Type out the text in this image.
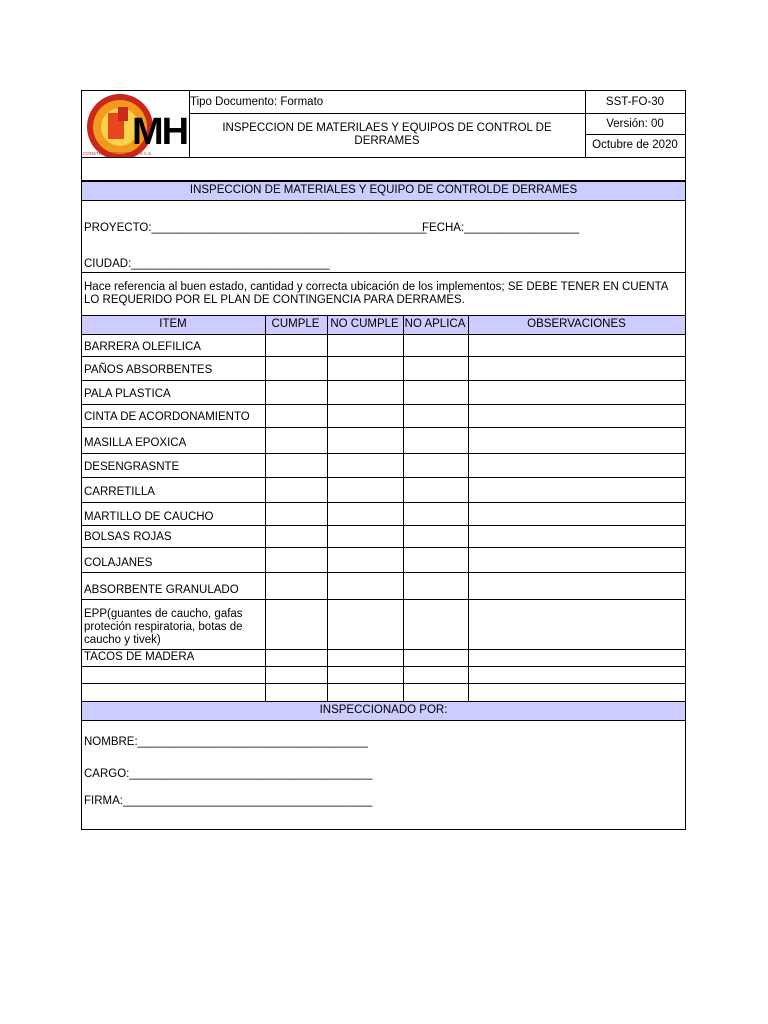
MH
CONSTRUYENDO OBRAS S.A.S.
Tipo Documento: Formato
INSPECCION DE MATERILAES Y EQUIPOS DE CONTROL DE DERRAMES
SST-FO-30
Versión: 00
Octubre de 2020
INSPECCION DE MATERIALES Y EQUIPO DE CONTROLDE DERRAMES
PROYECTO:___________________________________________
FECHA:__________________
CIUDAD:_______________________________
Hace referencia al buen estado, cantidad y correcta ubicación de los implementos; SE DEBE TENER EN CUENTA LO REQUERIDO POR EL PLAN DE CONTINGENCIA PARA DERRAMES.
ITEM	CUMPLE NO CUMPLE NO APLICA	OBSERVACIONES
BARRERA OLEFILICA
PAÑOS ABSORBENTES
PALA PLASTICA
CINTA DE ACORDONAMIENTO
MASILLA EPOXICA
DESENGRASNTE
CARRETILLA
MARTILLO DE CAUCHO
BOLSAS ROJAS
COLAJANES
ABSORBENTE GRANULADO
EPP(guantes de caucho, gafas proteción respiratoria, botas de caucho y tivek)
TACOS DE MADERA
INSPECCIONADO POR:
NOMBRE:____________________________________
CARGO:______________________________________
FIRMA:_______________________________________
